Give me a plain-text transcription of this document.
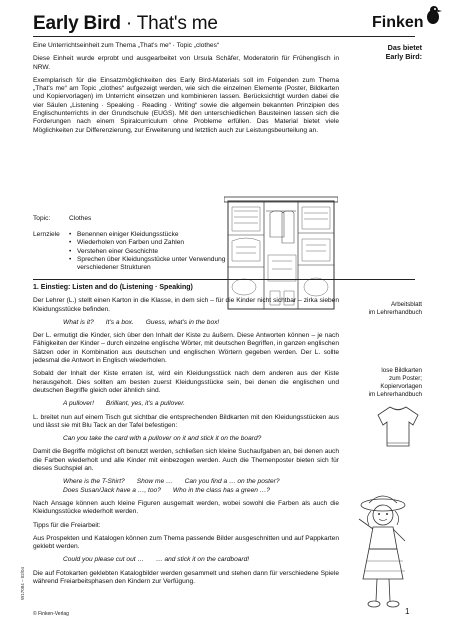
Early Bird · That's me	Finken
Das bietet
Early Bird:

Eine Unterrichtseinheit zum Thema „That's me“ · Topic „clothes“

Diese Einheit wurde erprobt und ausgearbeitet von Ursula Schäfer, Moderatorin für Frühenglisch in NRW.

Exemplarisch für die Einsatzmöglichkeiten des Early Bird-Materials soll im Folgenden zum Thema „That's me“ am Topic „clothes“ aufgezeigt werden, wie sich die einzelnen Elemente (Poster, Bildkarten und Kopiervorlagen) im Unterricht einsetzen und kombinieren lassen. Berücksichtigt wurden dabei die vier Säulen „Listening · Speaking · Reading · Writing“ sowie die allgemein bekannten Prinzipien des Englischunterrichts in der Grundschule (EUGS). Mit den unterschiedlichen Bausteinen lassen sich die Forderungen nach einem Spiralcurriculum ohne Probleme erfüllen. Das Material bietet viele Möglichkeiten zur Differenzierung, zur Erweiterung und letztlich auch zur Leistungsbeurteilung an.

Topic:	Clothes
Lernziele
•	Benennen einiger Kleidungsstücke
• Wiederholen von Farben und Zahlen
• Verstehen einer Geschichte
• Sprechen über Kleidungsstücke unter Verwendung verschiedener Strukturen

1. Einstieg: Listen and do (Listening · Speaking)

Der Lehrer (L.) stellt einen Karton in die Klasse, in dem sich – für die Kinder nicht sichtbar – zirka sieben Kleidungsstücke befinden.

What is it? It's a box. Guess, what's in the box!

Der L. ermutigt die Kinder, sich über den Inhalt der Kiste zu äußern. Diese Antworten können – je nach Fähigkeiten der Kinder – durch einzelne englische Wörter, mit deutschen Begriffen, in ganzen englischen Sätzen oder in Kombination aus deutschen und englischen Wörtern gegeben werden. Der L. sollte jedesmal die Antwort in Englisch wiederholen.

Sobald der Inhalt der Kiste erraten ist, wird ein Kleidungsstück nach dem anderen aus der Kiste herausgeholt. Dies sollten am besten zuerst Kleidungsstücke sein, bei denen die englischen und deutschen Begriffe gleich oder ähnlich sind.

A pullover! Brilliant, yes, it's a pullover.

L. breitet nun auf einem Tisch gut sichtbar die entsprechenden Bildkarten mit den Kleidungsstücken aus und lässt sie mit Blu Tack an der Tafel befestigen:

Can you take the card with a pullover on it and stick it on the board?

Damit die Begriffe möglichst oft benutzt werden, schließen sich kleine Suchaufgaben an, bei denen auch die Farben wiederholt und alle Kinder mit einbezogen werden. Auch die Themenposter bieten sich für dieses Suchspiel an.

Where is the T-Shirt? Show me … Can you find a … on the poster?

Does Susan/Jack have a …, too? Who in the class has a green …?

Nach Ansage können auch kleine Figuren ausgemalt werden, wobei sowohl die Farben als auch die Kleidungsstücke wiederholt werden.

Tipps für die Freiarbeit:

Aus Prospekten und Katalogen können zum Thema passende Bilder ausgeschnitten und auf Pappkarten geklebt werden.

Could you please cut out … … and stick it on the cardboard!

Die auf Fotokarten geklebten Katalogbilder werden gesammelt und stehen dann für verschiedene Spiele während Freiarbeitsphasen den Kindern zur Verfügung.

Arbeitsblatt
im Lehrerhandbuch
lose Bildkarten
zum Poster;
Kopiervorlagen
im Lehrerhandbuch
W17084 – 02/04
© Finken-Verlag	1
